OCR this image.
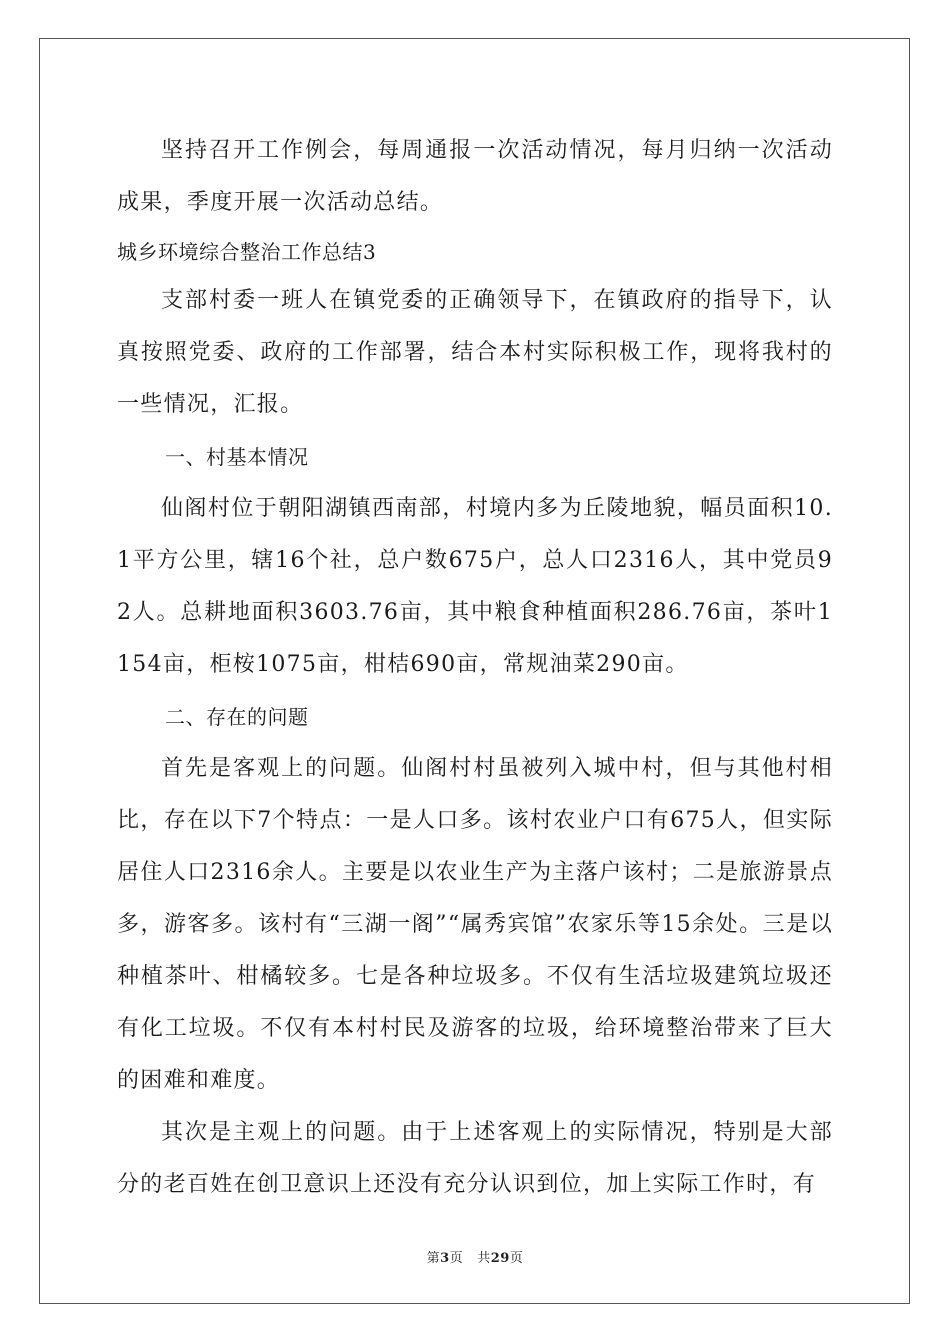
坚持召开工作例会，每周通报一次活动情况，每月归纳一次活动成果，季度开展一次活动总结。

城乡环境综合整治工作总结3

支部村委一班人在镇党委的正确领导下，在镇政府的指导下，认真按照党委、政府的工作部署，结合本村实际积极工作，现将我村的一些情况，汇报。

一、村基本情况

仙阁村位于朝阳湖镇西南部，村境内多为丘陵地貌，幅员面积10.1平方公里，辖16个社，总户数675户，总人口2316人，其中党员92人。总耕地面积3603.76亩，其中粮食种植面积286.76亩，茶叶1154亩，柜桉1075亩，柑桔690亩，常规油菜290亩。

二、存在的问题

首先是客观上的问题。仙阁村村虽被列入城中村，但与其他村相比，存在以下7个特点：一是人口多。该村农业户口有675人，但实际居住人口2316余人。主要是以农业生产为主落户该村；二是旅游景点多，游客多。该村有“三湖一阁”“属秀宾馆”农家乐等15余处。三是以种植茶叶、柑橘较多。七是各种垃圾多。不仅有生活垃圾建筑垃圾还有化工垃圾。不仅有本村村民及游客的垃圾，给环境整治带来了巨大的困难和难度。

其次是主观上的问题。由于上述客观上的实际情况，特别是大部分的老百姓在创卫意识上还没有充分认识到位，加上实际工作时，有

第3页 共29页
